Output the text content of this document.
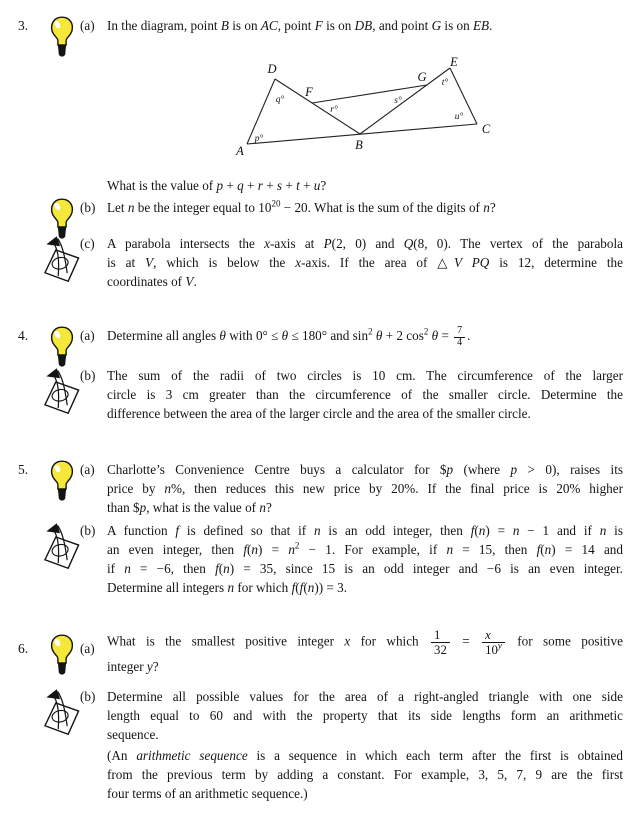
3.	(a) In the diagram, point B is on AC, point F is on DB, and point G is on EB.
A	B
C
D	E
F
G
p°
q°
r°
s°
t°
u°
What is the value of p + q + r + s + t + u?
(b) Let n be the integer equal to $10^{20} - 20$. What is the sum of the digits of n?
(c) A parabola intersects the x-axis at P(2, 0) and Q(8, 0). The vertex of the parabola
is at V, which is below the x-axis. If the area of △V PQ is 12, determine the
coordinates of V.
4.	(a) Determine all angles θ with 0° ≤ θ ≤ 180° and $\sin^2 \theta + 2$ $\cos^2 \theta = \frac{7}{4}$ .
(b) The sum of the radii of two circles is 10 cm. The circumference of the larger
circle is 3 cm greater than the circumference of the smaller circle. Determine the
difference between the area of the larger circle and the area of the smaller circle.
5.	(a) Charlotte’s Convenience Centre buys a calculator for $p (where p > 0), raises its
price by n%, then reduces this new price by 20%. If the final price is 20% higher
than $p, what is the value of n?
(b) A function f is defined so that if n is an odd integer, then f(n) = n − 1 and if n is
an even integer, then $f(n) = n^2 - 1$. For example, if n = 15, then f(n) = 14 and
if n = −6, then f(n) = 35, since 15 is an odd integer and −6 is an even integer.
Determine all integers n for which f(f(n)) = 3.
6.	(a) What is the smallest positive integer x for which $\frac{1}{32} = \frac{x}{10^y}$ for some positive
integer y?
(b) Determine all possible values for the area of a right-angled triangle with one side
length equal to 60 and with the property that its side lengths form an arithmetic
sequence.
(An arithmetic sequence is a sequence in which each term after the first is obtained
from the previous term by adding a constant. For example, 3, 5, 7, 9 are the first
four terms of an arithmetic sequence.)
